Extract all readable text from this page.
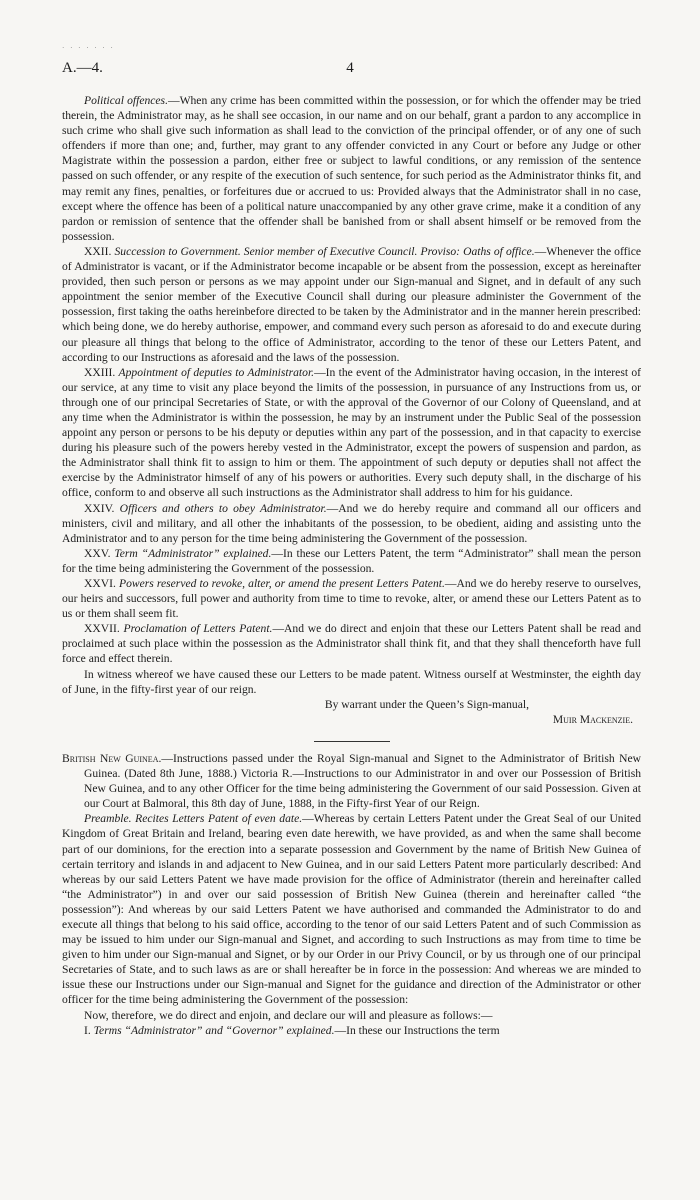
· · · · · · ·
A.—4.	4

Political offences.—When any crime has been committed within the possession, or for which the offender may be tried therein, the Administrator may, as he shall see occasion, in our name and on our behalf, grant a pardon to any accomplice in such crime who shall give such information as shall lead to the conviction of the principal offender, or of any one of such offenders if more than one; and, further, may grant to any offender convicted in any Court or before any Judge or other Magistrate within the possession a pardon, either free or subject to lawful conditions, or any remission of the sentence passed on such offender, or any respite of the execution of such sentence, for such period as the Administrator thinks fit, and may remit any fines, penalties, or forfeitures due or accrued to us: Provided always that the Administrator shall in no case, except where the offence has been of a political nature unaccompanied by any other grave crime, make it a condition of any pardon or remission of sentence that the offender shall be banished from or shall absent himself or be removed from the possession.

XXII. Succession to Government. Senior member of Executive Council. Proviso: Oaths of office.—Whenever the office of Administrator is vacant, or if the Administrator become incapable or be absent from the possession, except as hereinafter provided, then such person or persons as we may appoint under our Sign-manual and Signet, and in default of any such appointment the senior member of the Executive Council shall during our pleasure administer the Government of the possession, first taking the oaths hereinbefore directed to be taken by the Administrator and in the manner herein prescribed: which being done, we do hereby authorise, empower, and command every such person as aforesaid to do and execute during our pleasure all things that belong to the office of Administrator, according to the tenor of these our Letters Patent, and according to our Instructions as aforesaid and the laws of the possession.

XXIII. Appointment of deputies to Administrator.—In the event of the Administrator having occasion, in the interest of our service, at any time to visit any place beyond the limits of the possession, in pursuance of any Instructions from us, or through one of our principal Secretaries of State, or with the approval of the Governor of our Colony of Queensland, and at any time when the Administrator is within the possession, he may by an instrument under the Public Seal of the possession appoint any person or persons to be his deputy or deputies within any part of the possession, and in that capacity to exercise during his pleasure such of the powers hereby vested in the Administrator, except the powers of suspension and pardon, as the Administrator shall think fit to assign to him or them. The appointment of such deputy or deputies shall not affect the exercise by the Administrator himself of any of his powers or authorities. Every such deputy shall, in the discharge of his office, conform to and observe all such instructions as the Administrator shall address to him for his guidance.

XXIV. Officers and others to obey Administrator.—And we do hereby require and command all our officers and ministers, civil and military, and all other the inhabitants of the possession, to be obedient, aiding and assisting unto the Administrator and to any person for the time being administering the Government of the possession.

XXV. Term “Administrator” explained.—In these our Letters Patent, the term “Administrator” shall mean the person for the time being administering the Government of the possession.

XXVI. Powers reserved to revoke, alter, or amend the present Letters Patent.—And we do hereby reserve to ourselves, our heirs and successors, full power and authority from time to time to revoke, alter, or amend these our Letters Patent as to us or them shall seem fit.

XXVII. Proclamation of Letters Patent.—And we do direct and enjoin that these our Letters Patent shall be read and proclaimed at such place within the possession as the Administrator shall think fit, and that they shall thenceforth have full force and effect therein.

In witness whereof we have caused these our Letters to be made patent. Witness ourself at Westminster, the eighth day of June, in the fifty-first year of our reign.

By warrant under the Queen’s Sign-manual,

Muir Mackenzie.

British New Guinea.—Instructions passed under the Royal Sign-manual and Signet to the Administrator of British New Guinea. (Dated 8th June, 1888.) Victoria R.—Instructions to our Administrator in and over our Possession of British New Guinea, and to any other Officer for the time being administering the Government of our said Possession. Given at our Court at Balmoral, this 8th day of June, 1888, in the Fifty-first Year of our Reign.

Preamble. Recites Letters Patent of even date.—Whereas by certain Letters Patent under the Great Seal of our United Kingdom of Great Britain and Ireland, bearing even date herewith, we have provided, as and when the same shall become part of our dominions, for the erection into a separate possession and Government by the name of British New Guinea of certain territory and islands in and adjacent to New Guinea, and in our said Letters Patent more particularly described: And whereas by our said Letters Patent we have made provision for the office of Administrator (therein and hereinafter called “the Administrator”) in and over our said possession of British New Guinea (therein and hereinafter called “the possession”): And whereas by our said Letters Patent we have authorised and commanded the Administrator to do and execute all things that belong to his said office, according to the tenor of our said Letters Patent and of such Commission as may be issued to him under our Sign-manual and Signet, and according to such Instructions as may from time to time be given to him under our Sign-manual and Signet, or by our Order in our Privy Council, or by us through one of our principal Secretaries of State, and to such laws as are or shall hereafter be in force in the possession: And whereas we are minded to issue these our Instructions under our Sign-manual and Signet for the guidance and direction of the Administrator or other officer for the time being administering the Government of the possession:

Now, therefore, we do direct and enjoin, and declare our will and pleasure as follows:—

I. Terms “Administrator” and “Governor” explained.—In these our Instructions the term
